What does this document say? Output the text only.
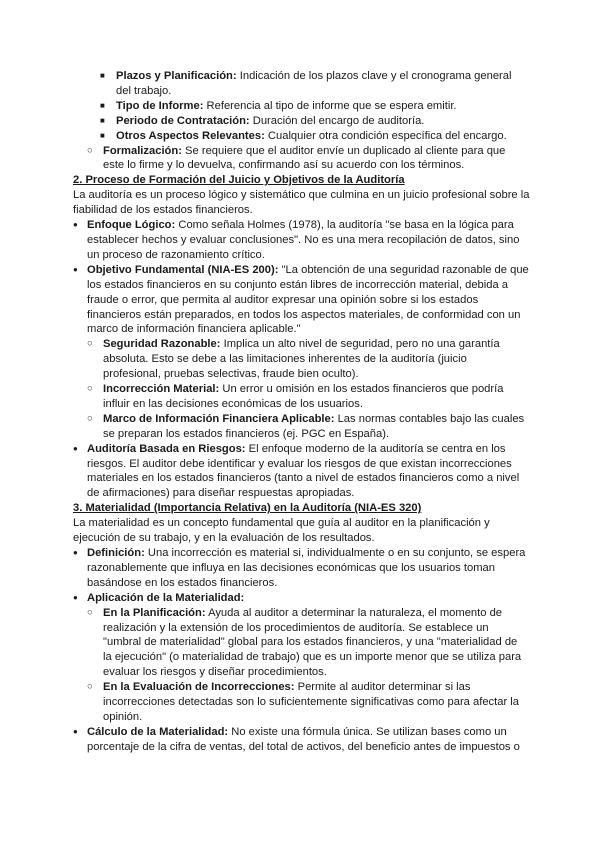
■ Plazos y Planificación: Indicación de los plazos clave y el cronograma general del trabajo.
■ Tipo de Informe: Referencia al tipo de informe que se espera emitir.
■ Periodo de Contratación: Duración del encargo de auditoría.
■ Otros Aspectos Relevantes: Cualquier otra condición específica del encargo.
○ Formalización: Se requiere que el auditor envíe un duplicado al cliente para que este lo firme y lo devuelva, confirmando así su acuerdo con los términos.
2. Proceso de Formación del Juicio y Objetivos de la Auditoría
La auditoría es un proceso lógico y sistemático que culmina en un juicio profesional sobre la fiabilidad de los estados financieros.
● Enfoque Lógico: Como señala Holmes (1978), la auditoría "se basa en la lógica para establecer hechos y evaluar conclusiones". No es una mera recopilación de datos, sino un proceso de razonamiento crítico.
● Objetivo Fundamental (NIA-ES 200): "La obtención de una seguridad razonable de que los estados financieros en su conjunto están libres de incorrección material, debida a fraude o error, que permita al auditor expresar una opinión sobre si los estados financieros están preparados, en todos los aspectos materiales, de conformidad con un marco de información financiera aplicable."
○ Seguridad Razonable: Implica un alto nivel de seguridad, pero no una garantía absoluta. Esto se debe a las limitaciones inherentes de la auditoría (juicio profesional, pruebas selectivas, fraude bien oculto).
○ Incorrección Material: Un error u omisión en los estados financieros que podría influir en las decisiones económicas de los usuarios.
○ Marco de Información Financiera Aplicable: Las normas contables bajo las cuales se preparan los estados financieros (ej. PGC en España).
● Auditoría Basada en Riesgos: El enfoque moderno de la auditoría se centra en los riesgos. El auditor debe identificar y evaluar los riesgos de que existan incorrecciones materiales en los estados financieros (tanto a nivel de estados financieros como a nivel de afirmaciones) para diseñar respuestas apropiadas.
3. Materialidad (Importancia Relativa) en la Auditoría (NIA-ES 320)
La materialidad es un concepto fundamental que guía al auditor en la planificación y ejecución de su trabajo, y en la evaluación de los resultados.
● Definición: Una incorrección es material si, individualmente o en su conjunto, se espera razonablemente que influya en las decisiones económicas que los usuarios toman basándose en los estados financieros.
● Aplicación de la Materialidad:
○ En la Planificación: Ayuda al auditor a determinar la naturaleza, el momento de realización y la extensión de los procedimientos de auditoría. Se establece un "umbral de materialidad" global para los estados financieros, y una "materialidad de la ejecución" (o materialidad de trabajo) que es un importe menor que se utiliza para evaluar los riesgos y diseñar procedimientos.
○ En la Evaluación de Incorrecciones: Permite al auditor determinar si las incorrecciones detectadas son lo suficientemente significativas como para afectar la opinión.
● Cálculo de la Materialidad: No existe una fórmula única. Se utilizan bases como un porcentaje de la cifra de ventas, del total de activos, del beneficio antes de impuestos o
